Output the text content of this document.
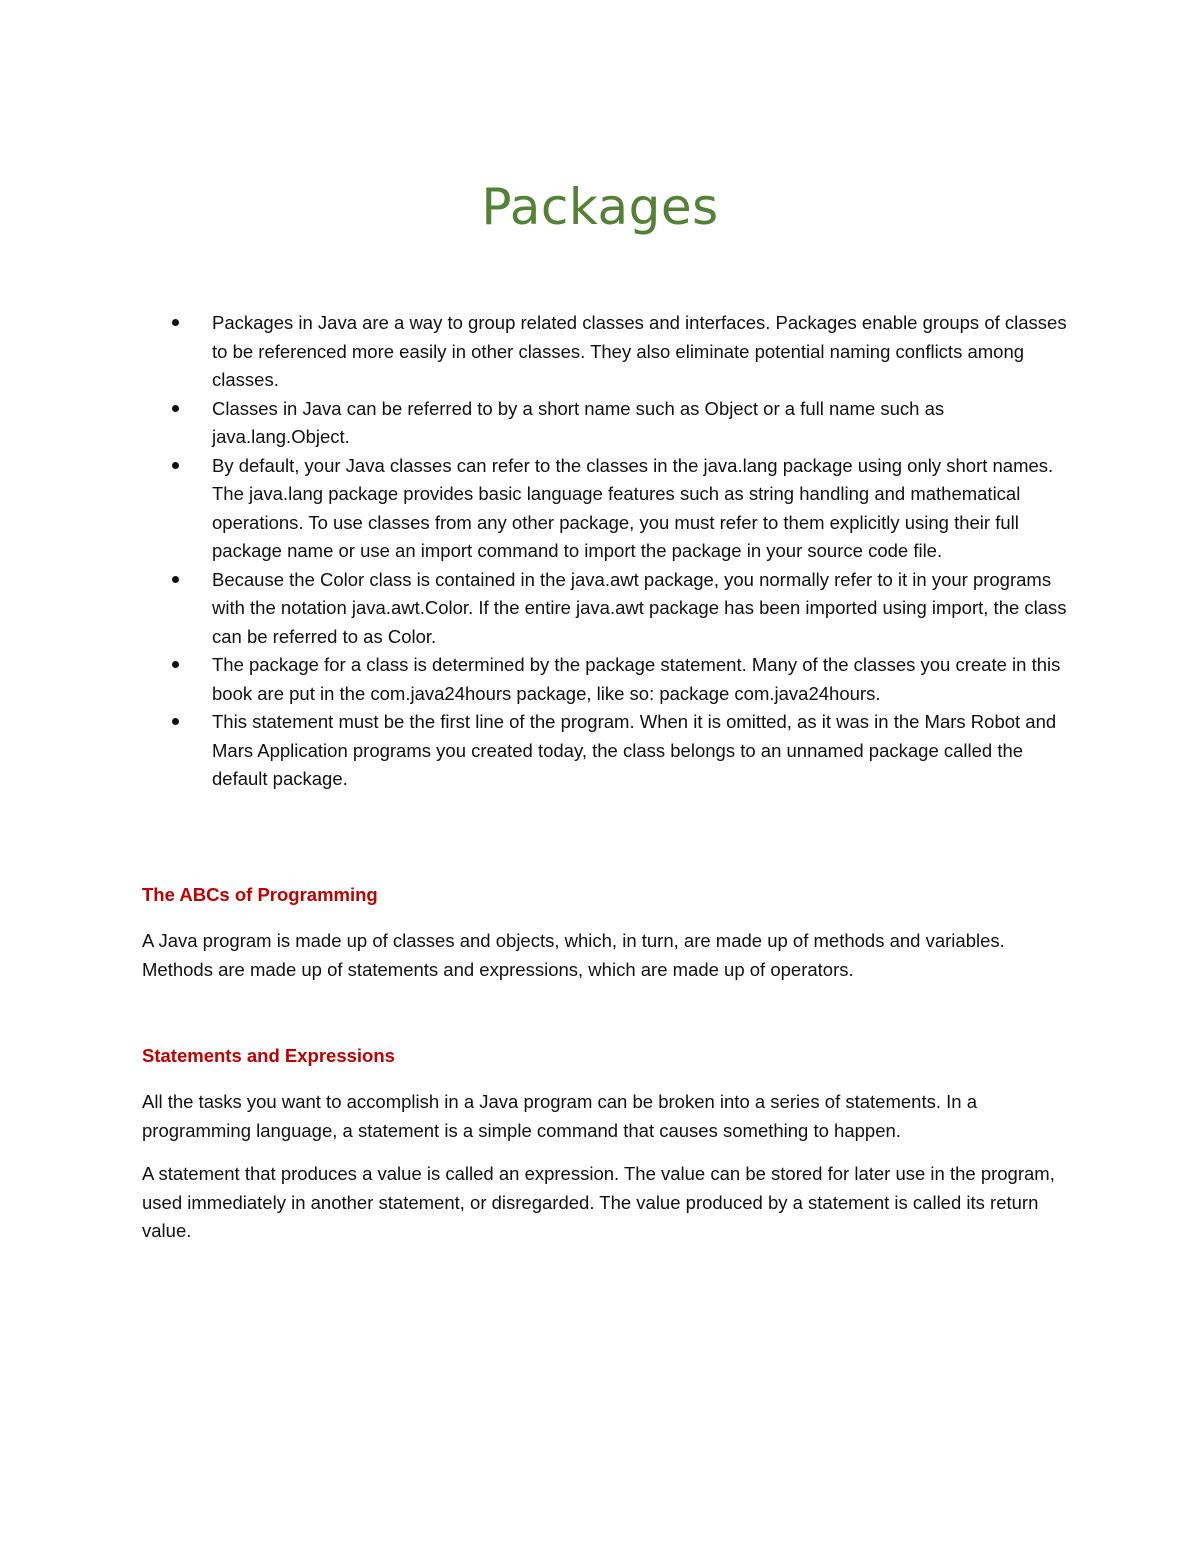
Packages
Packages in Java are a way to group related classes and interfaces. Packages enable groups of classes to be referenced more easily in other classes. They also eliminate potential naming conflicts among classes.
Classes in Java can be referred to by a short name such as Object or a full name such as java.lang.Object.
By default, your Java classes can refer to the classes in the java.lang package using only short names. The java.lang package provides basic language features such as string handling and mathematical operations. To use classes from any other package, you must refer to them explicitly using their full package name or use an import command to import the package in your source code file.
Because the Color class is contained in the java.awt package, you normally refer to it in your programs with the notation java.awt.Color. If the entire java.awt package has been imported using import, the class can be referred to as Color.
The package for a class is determined by the package statement. Many of the classes you create in this book are put in the com.java24hours package, like so: package com.java24hours.
This statement must be the first line of the program. When it is omitted, as it was in the Mars Robot and Mars Application programs you created today, the class belongs to an unnamed package called the default package.
The ABCs of Programming

A Java program is made up of classes and objects, which, in turn, are made up of methods and variables. Methods are made up of statements and expressions, which are made up of operators.

Statements and Expressions

All the tasks you want to accomplish in a Java program can be broken into a series of statements. In a programming language, a statement is a simple command that causes something to happen.

A statement that produces a value is called an expression. The value can be stored for later use in the program, used immediately in another statement, or disregarded. The value produced by a statement is called its return value.
